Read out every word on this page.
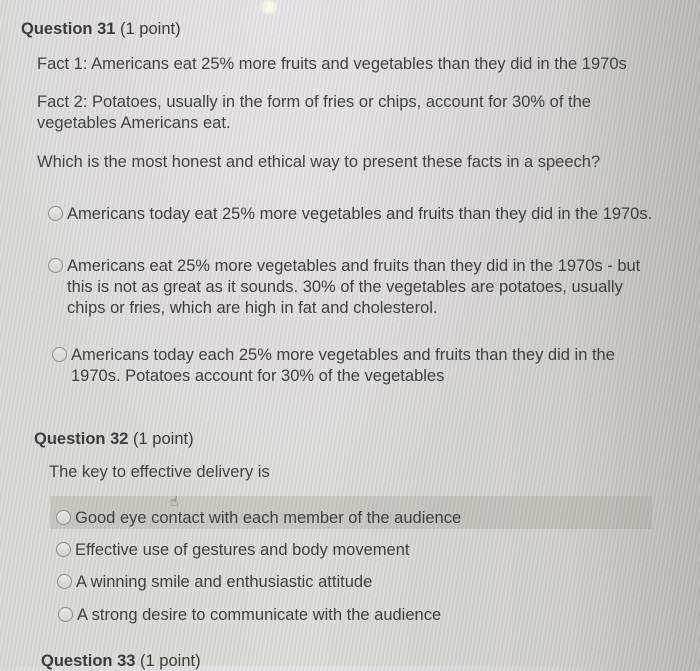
Question 31 (1 point)
Fact 1: Americans eat 25% more fruits and vegetables than they did in the 1970s
Fact 2: Potatoes, usually in the form of fries or chips, account for 30% of the vegetables Americans eat.
Which is the most honest and ethical way to present these facts in a speech?
Americans today eat 25% more vegetables and fruits than they did in the 1970s.
Americans eat 25% more vegetables and fruits than they did in the 1970s - but this is not as great as it sounds. 30% of the vegetables are potatoes, usually chips or fries, which are high in fat and cholesterol.
Americans today each 25% more vegetables and fruits than they did in the 1970s. Potatoes account for 30% of the vegetables
Question 32 (1 point)
The key to effective delivery is
Good eye contact with each member of the audience
Effective use of gestures and body movement
A winning smile and enthusiastic attitude
A strong desire to communicate with the audience
☝
Question 33 (1 point)
